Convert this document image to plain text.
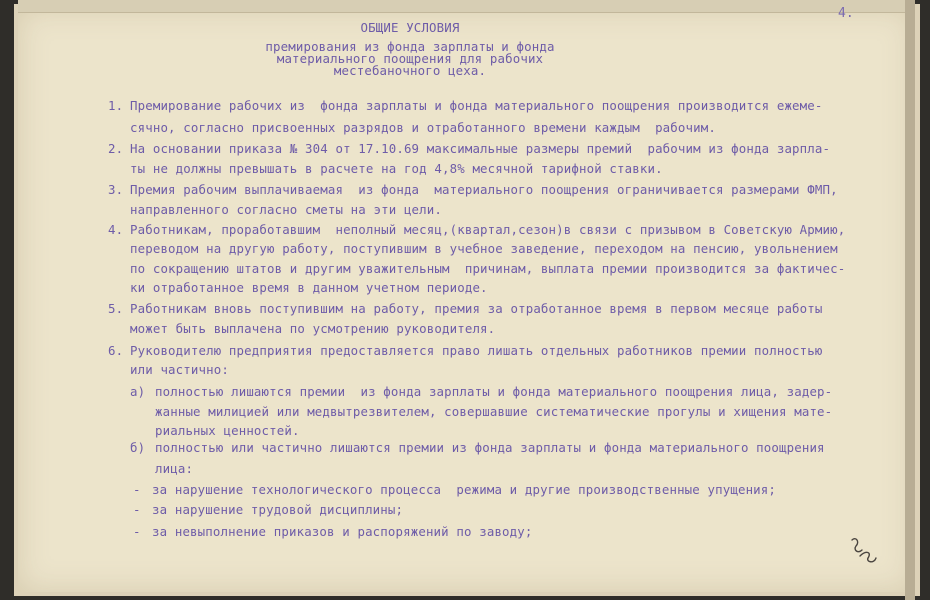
4.
ОБЩИЕ УСЛОВИЯ
премирования из фонда зарплаты и фонда
материального поощрения для рабочих
местебаночного цеха.
1. Премирование рабочих из  фонда зарплаты и фонда материального поощрения производится ежеме-
сячно, согласно присвоенных разрядов и отработанного времени каждым  рабочим.
2. На основании приказа № 304 от 17.10.69 максимальные размеры премий  рабочим из фонда зарпла-
ты не должны превышать в расчете на год 4,8% месячной тарифной ставки.
3. Премия рабочим выплачиваемая  из фонда  материального поощрения ограничивается размерами ФМП,
направленного согласно сметы на эти цели.
4. Работникам, проработавшим  неполный месяц,(квартал,сезон)в связи с призывом в Советскую Армию,
переводом на другую работу, поступившим в учебное заведение, переходом на пенсию, увольнением
по сокращению штатов и другим уважительным  причинам, выплата премии производится за фактичес-
ки отработанное время в данном учетном периоде.
5. Работникам вновь поступившим на работу, премия за отработанное время в первом месяце работы
может быть выплачена по усмотрению руководителя.
6. Руководителю предприятия предоставляется право лишать отдельных работников премии полностью
или частично:
а) полностью лишаются премии  из фонда зарплаты и фонда материального поощрения лица, задер-
жанные милицией или медвытрезвителем, совершавшие систематические прогулы и хищения мате-
риальных ценностей.
б) полностью или частично лишаются премии из фонда зарплаты и фонда материального поощрения
лица:
- за нарушение технологического процесса  режима и другие производственные упущения;
- за нарушение трудовой дисциплины;
- за невыполнение приказов и распоряжений по заводу;
